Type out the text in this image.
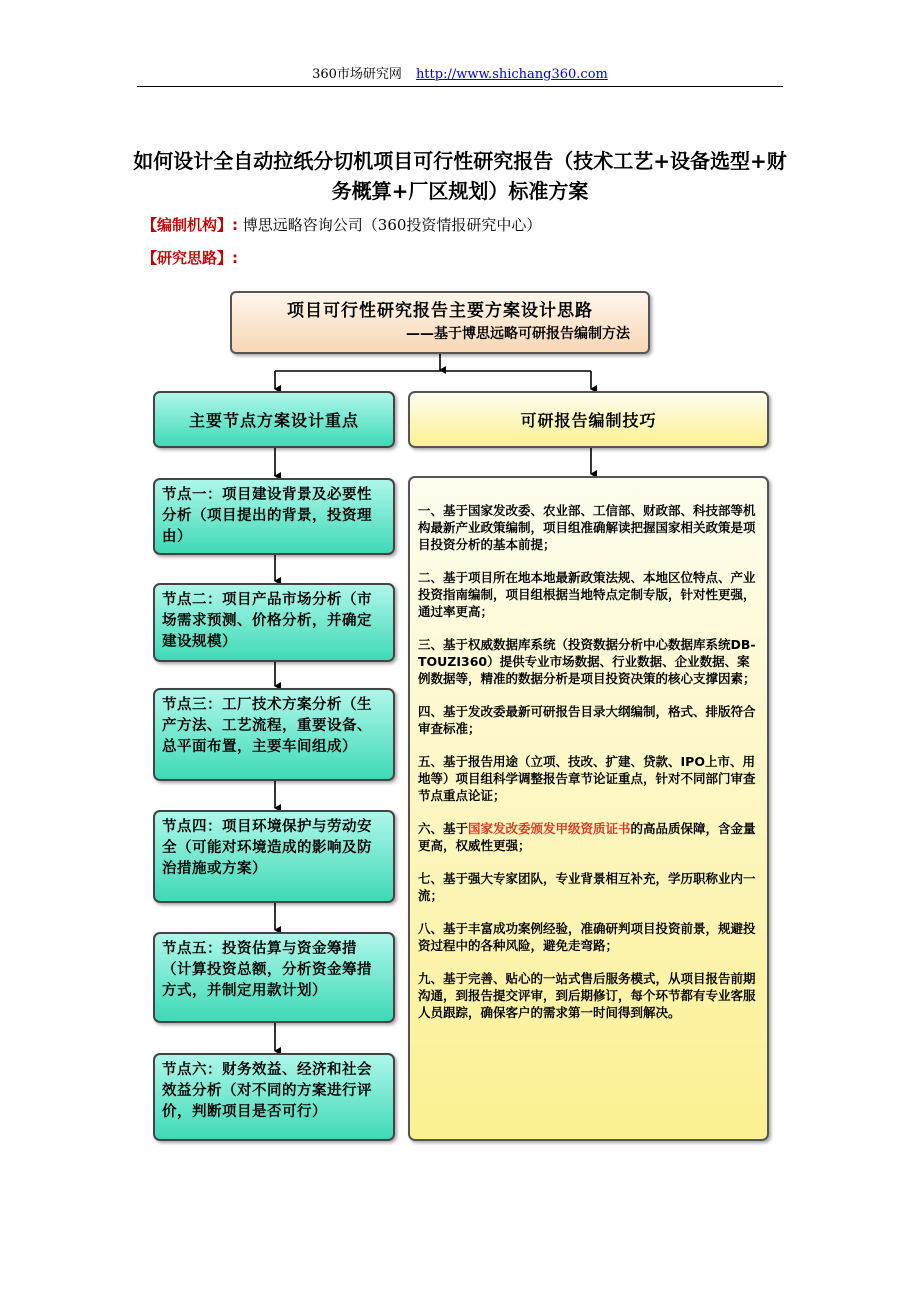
360市场研究网 http://www.shichang360.com
如何设计全自动拉纸分切机项目可行性研究报告（技术工艺+设备选型+财务概算+厂区规划）标准方案
【编制机构】: 博思远略咨询公司（360投资情报研究中心）
【研究思路】:
项目可行性研究报告主要方案设计思路
——基于博思远略可研报告编制方法
主要节点方案设计重点	可研报告编制技巧
节点一：项目建设背景及必要性分析（项目提出的背景，投资理由）
节点二：项目产品市场分析（市场需求预测、价格分析，并确定建设规模）
节点三：工厂技术方案分析（生产方法、工艺流程，重要设备、总平面布置，主要车间组成）
节点四：项目环境保护与劳动安全（可能对环境造成的影响及防治措施或方案）
节点五：投资估算与资金筹措（计算投资总额，分析资金筹措方式，并制定用款计划）
节点六：财务效益、经济和社会效益分析（对不同的方案进行评价，判断项目是否可行）

一、基于国家发改委、农业部、工信部、财政部、科技部等机构最新产业政策编制，项目组准确解读把握国家相关政策是项目投资分析的基本前提；

二、基于项目所在地本地最新政策法规、本地区位特点、产业投资指南编制，项目组根据当地特点定制专版，针对性更强，通过率更高；

三、基于权威数据库系统（投资数据分析中心数据库系统DB-TOUZI360）提供专业市场数据、行业数据、企业数据、案例数据等，精准的数据分析是项目投资决策的核心支撑因素；

四、基于发改委最新可研报告目录大纲编制，格式、排版符合审查标准；

五、基于报告用途（立项、技改、扩建、贷款、IPO上市、用地等）项目组科学调整报告章节论证重点，针对不同部门审查节点重点论证；

六、基于国家发改委颁发甲级资质证书的高品质保障，含金量更高，权威性更强；

七、基于强大专家团队，专业背景相互补充，学历职称业内一流；

八、基于丰富成功案例经验，准确研判项目投资前景，规避投资过程中的各种风险，避免走弯路；

九、基于完善、贴心的一站式售后服务模式，从项目报告前期沟通，到报告提交评审，到后期修订，每个环节都有专业客服人员跟踪，确保客户的需求第一时间得到解决。
